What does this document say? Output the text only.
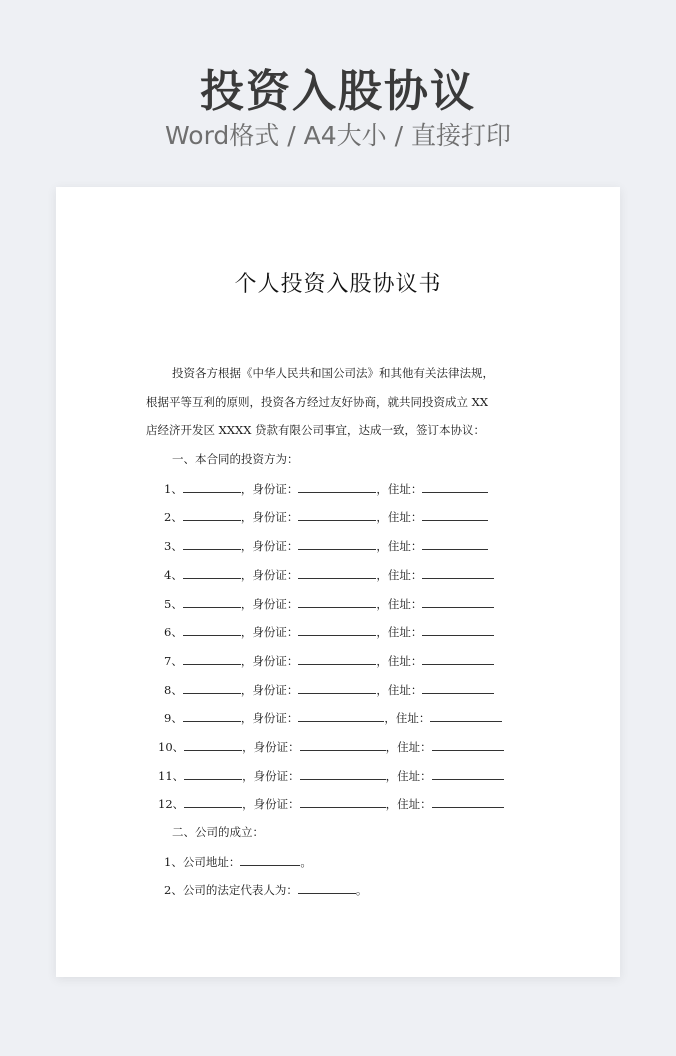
投资入股协议
Word格式 / A4大小 / 直接打印
个人投资入股协议书
投资各方根据《中华人民共和国公司法》和其他有关法律法规，
根据平等互利的原则，投资各方经过友好协商，就共同投资成立 XX
店经济开发区 XXXX 贷款有限公司事宜，达成一致，签订本协议：
一、本合同的投资方为：
1、	，身份证：	，住址：
2、	，身份证：	，住址：
3、	，身份证：	，住址：
4、	，身份证：	，住址：
5、	，身份证：	，住址：
6、	，身份证：	，住址：
7、	，身份证：	，住址：
8、	，身份证：	，住址：
9、	，身份证：	，住址：
10、	，身份证：	，住址：
11、	，身份证：	，住址：
12、	，身份证：	，住址：
二、公司的成立：
1、公司地址：	。
2、公司的法定代表人为：	。
